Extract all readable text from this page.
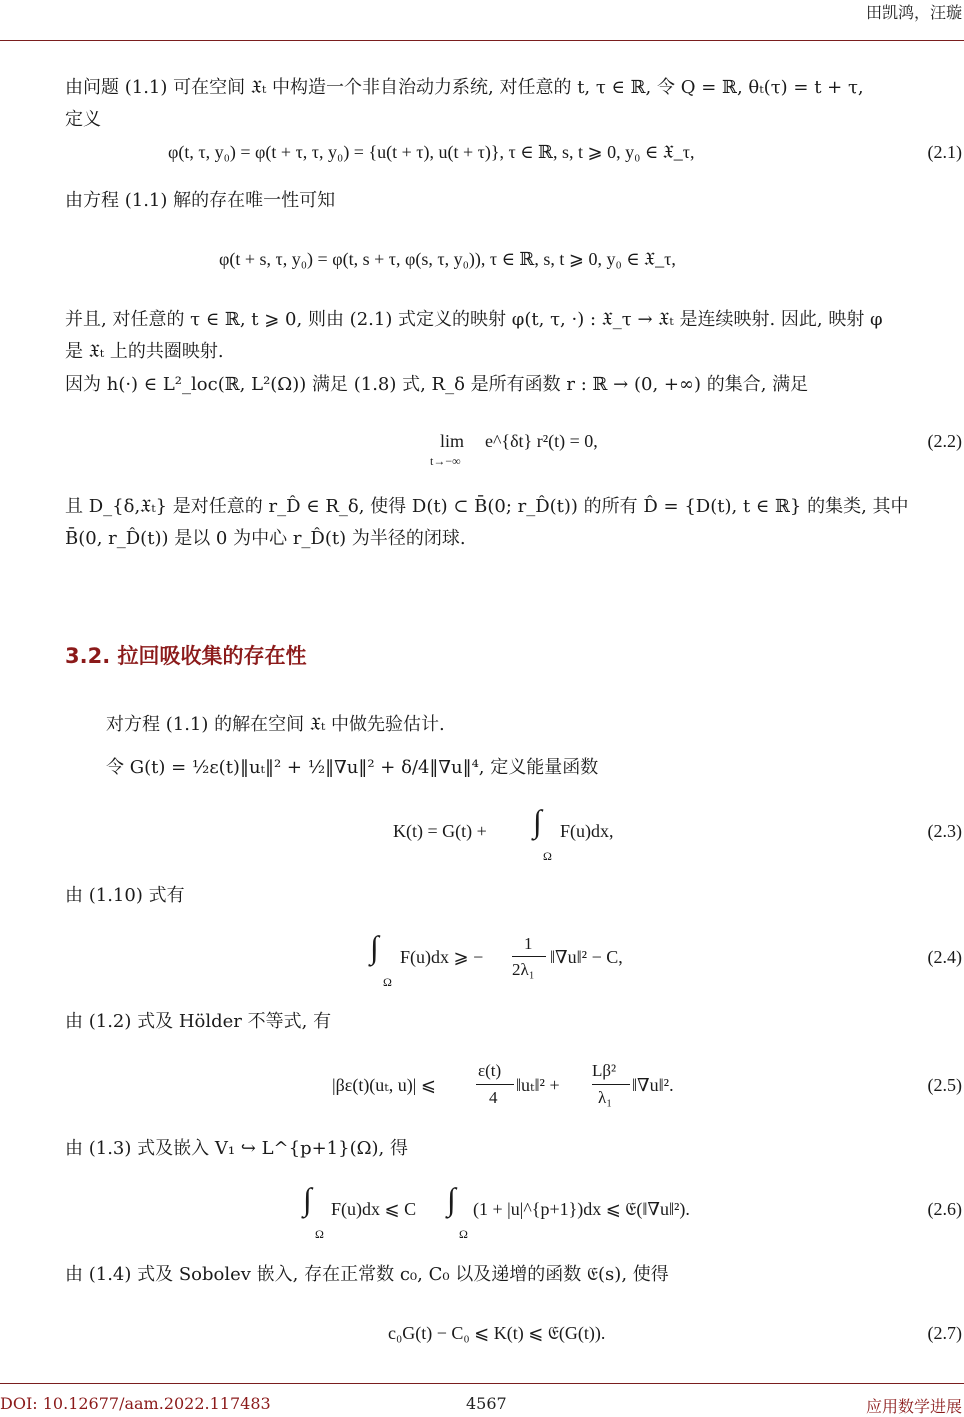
田凯鸿，汪璇
由问题 (1.1) 可在空间 𝔛ₜ 中构造一个非自治动力系统, 对任意的 t, τ ∈ ℝ, 令 Q = ℝ, θₜ(τ) = t + τ,
定义
φ(t, τ, y₀) = φ(t + τ, τ, y₀) = {u(t + τ), u(t + τ)}, τ ∈ ℝ, s, t ⩾ 0, y₀ ∈ 𝔛_τ,	(2.1)
由方程 (1.1) 解的存在唯一性可知
φ(t + s, τ, y₀) = φ(t, s + τ, φ(s, τ, y₀)), τ ∈ ℝ, s, t ⩾ 0, y₀ ∈ 𝔛_τ,
并且, 对任意的 τ ∈ ℝ, t ⩾ 0, 则由 (2.1) 式定义的映射 φ(t, τ, ·) : 𝔛_τ → 𝔛ₜ 是连续映射. 因此, 映射 φ
是 𝔛ₜ 上的共圈映射.
因为 h(·) ∈ L²_loc(ℝ, L²(Ω)) 满足 (1.8) 式, R_δ 是所有函数 r : ℝ → (0, +∞) 的集合, 满足
lim
t→−∞
e^{δt} r²(t) = 0,	(2.2)
且 D_{δ,𝔛ₜ} 是对任意的 r_D̂ ∈ R_δ, 使得 D(t) ⊂ B̄(0; r_D̂(t)) 的所有 D̂ = {D(t), t ∈ ℝ} 的集类, 其中
B̄(0, r_D̂(t)) 是以 0 为中心 r_D̂(t) 为半径的闭球.
3.2. 拉回吸收集的存在性
对方程 (1.1) 的解在空间 𝔛ₜ 中做先验估计.
令 G(t) = ½ε(t)‖uₜ‖² + ½‖∇u‖² + δ/4‖∇u‖⁴, 定义能量函数
K(t) = G(t) + ∫
Ω
F(u)dx,	(2.3)
由 (1.10) 式有
∫
Ω
F(u)dx ⩾ −
1
2λ₁
‖∇u‖² − C,	(2.4)
由 (1.2) 式及 Hölder 不等式, 有
|βε(t)(uₜ, u)| ⩽
ε(t)
4
‖uₜ‖² +
Lβ²
λ₁
‖∇u‖².	(2.5)
由 (1.3) 式及嵌入 V₁ ↪ L^{p+1}(Ω), 得
∫
Ω
F(u)dx ⩽ C ∫
Ω
(1 + |u|^{p+1})dx ⩽ 𝔈(‖∇u‖²).	(2.6)
由 (1.4) 式及 Sobolev 嵌入, 存在正常数 c₀, C₀ 以及递增的函数 𝔈(s), 使得
c₀G(t) − C₀ ⩽ K(t) ⩽ 𝔈(G(t)).	(2.7)
DOI: 10.12677/aam.2022.117483	4567	应用数学进展
